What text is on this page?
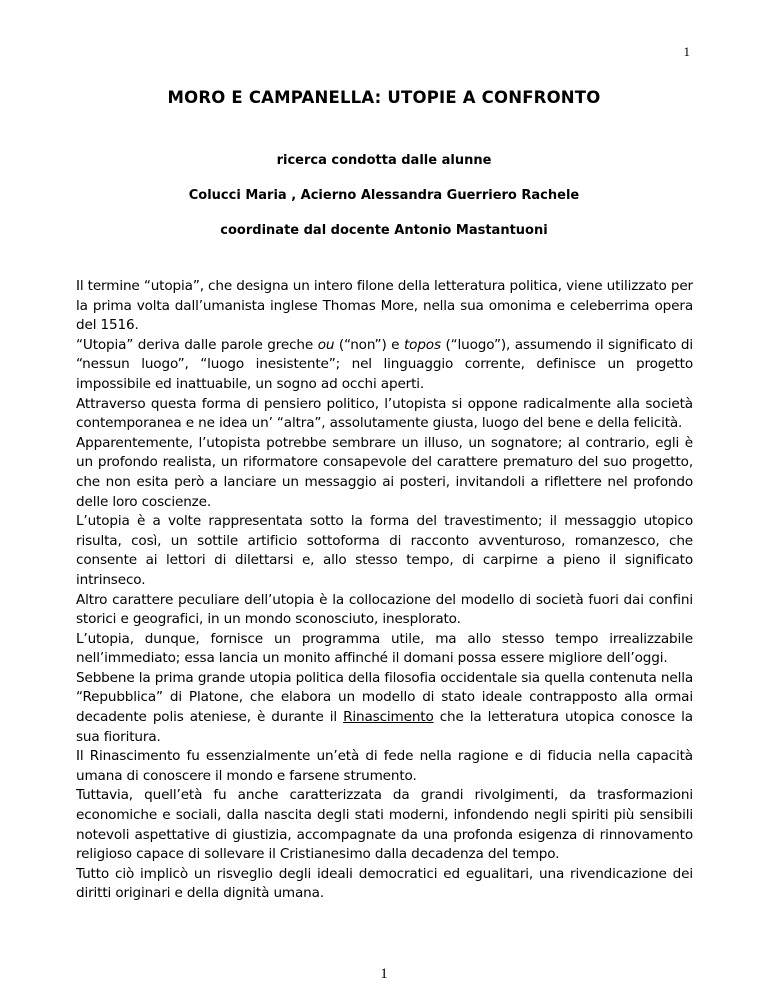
1
MORO E CAMPANELLA: UTOPIE A CONFRONTO
ricerca condotta dalle alunne
Colucci Maria , Acierno Alessandra Guerriero Rachele
coordinate dal docente Antonio Mastantuoni

Il termine “utopia”, che designa un intero filone della letteratura politica, viene utilizzato per la prima volta dall’umanista inglese Thomas More, nella sua omonima e celeberrima opera del 1516.

“Utopia” deriva dalle parole greche ou (“non”) e topos (“luogo”), assumendo il significato di “nessun luogo”, “luogo inesistente”; nel linguaggio corrente, definisce un progetto impossibile ed inattuabile, un sogno ad occhi aperti.

Attraverso questa forma di pensiero politico, l’utopista si oppone radicalmente alla società contemporanea e ne idea un’ “altra”, assolutamente giusta, luogo del bene e della felicità.

Apparentemente, l’utopista potrebbe sembrare un illuso, un sognatore; al contrario, egli è un profondo realista, un riformatore consapevole del carattere prematuro del suo progetto, che non esita però a lanciare un messaggio ai posteri, invitandoli a riflettere nel profondo delle loro coscienze.

L’utopia è a volte rappresentata sotto la forma del travestimento; il messaggio utopico risulta, così, un sottile artificio sottoforma di racconto avventuroso, romanzesco, che consente ai lettori di dilettarsi e, allo stesso tempo, di carpirne a pieno il significato intrinseco.

Altro carattere peculiare dell’utopia è la collocazione del modello di società fuori dai confini storici e geografici, in un mondo sconosciuto, inesplorato.

L’utopia, dunque, fornisce un programma utile, ma allo stesso tempo irrealizzabile nell’immediato; essa lancia un monito affinché il domani possa essere migliore dell’oggi.

Sebbene la prima grande utopia politica della filosofia occidentale sia quella contenuta nella “Repubblica” di Platone, che elabora un modello di stato ideale contrapposto alla ormai decadente polis ateniese, è durante il Rinascimento che la letteratura utopica conosce la sua fioritura.

Il Rinascimento fu essenzialmente un’età di fede nella ragione e di fiducia nella capacità umana di conoscere il mondo e farsene strumento.

Tuttavia, quell’età fu anche caratterizzata da grandi rivolgimenti, da trasformazioni economiche e sociali, dalla nascita degli stati moderni, infondendo negli spiriti più sensibili notevoli aspettative di giustizia, accompagnate da una profonda esigenza di rinnovamento religioso capace di sollevare il Cristianesimo dalla decadenza del tempo.

Tutto ciò implicò un risveglio degli ideali democratici ed egualitari, una rivendicazione dei diritti originari e della dignità umana.

1
